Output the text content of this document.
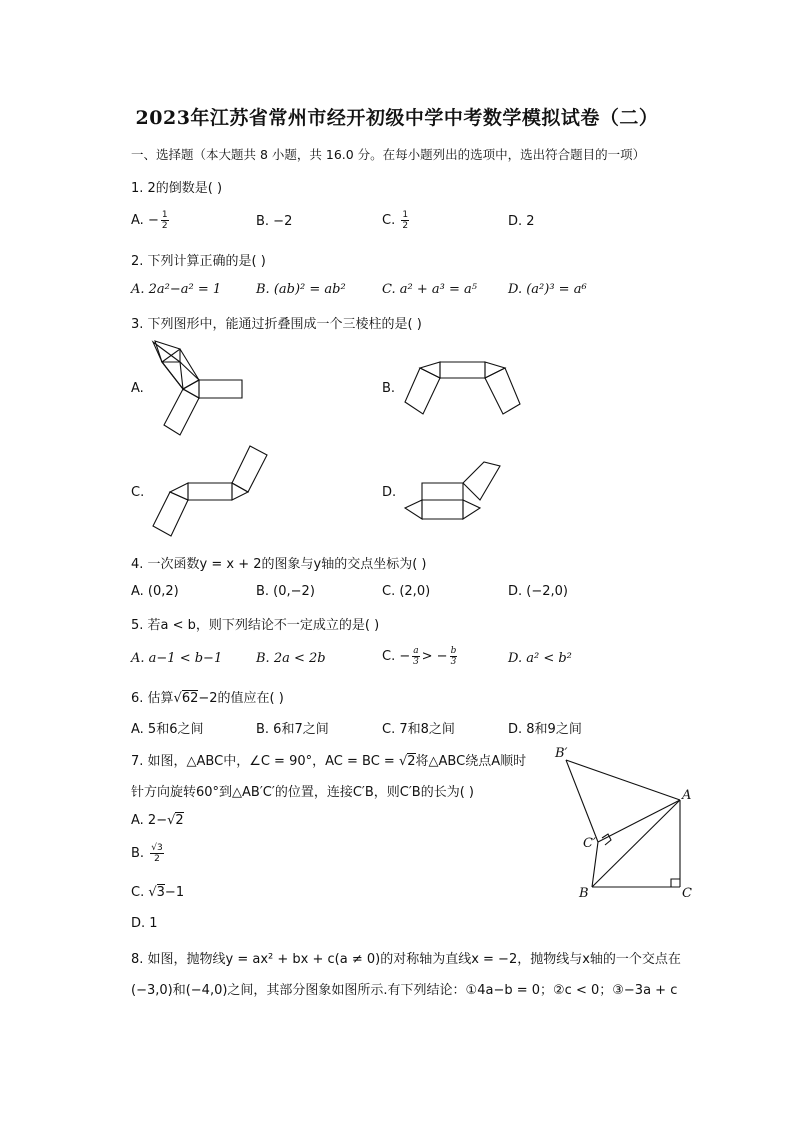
2023年江苏省常州市经开初级中学中考数学模拟试卷（二）
一、选择题（本大题共 8 小题，共 16.0 分。在每小题列出的选项中，选出符合题目的一项）
1. 2的倒数是( )
A. − $\frac{1}{2}$	B. −2	C. $\frac{1}{2}$	D. 2
2. 下列计算正确的是( )
A. 2a²−a² = 1	B. (ab)² = ab²	C. a² + a³ = a⁵ D. (a²)³ = a⁶
3. 下列图形中，能通过折叠围成一个三棱柱的是( )
A.	B.
C.	D.
4. 一次函数y = x + 2的图象与y轴的交点坐标为( )
A. (0,2)	B. (0,−2)	C. (2,0)	D. (−2,0)
5. 若a < b，则下列结论不一定成立的是( )
A. a−1 < b−1	B. 2a < 2b	C. − $\frac{a}{3}$ > − $\frac{b}{3}$	D. a² < b²
6. 估算√62−2的值应在( )
A. 5和6之间	B. 6和7之间	C. 7和8之间	D. 8和9之间
7. 如图，△ABC中，∠C = 90°，AC = BC = √2将△ABC绕点A顺时
针方向旋转60°到△AB′C′的位置，连接C′B，则C′B的长为( )
A. 2−√2
B. $\frac{√3}{2}$
C. √3−1
D. 1
B′
A
C′
B	C
8. 如图，抛物线y = ax² + bx + c(a ≠ 0)的对称轴为直线x = −2，抛物线与x轴的一个交点在
(−3,0)和(−4,0)之间，其部分图象如图所示.有下列结论：①4a−b = 0；②c < 0；③−3a + c
